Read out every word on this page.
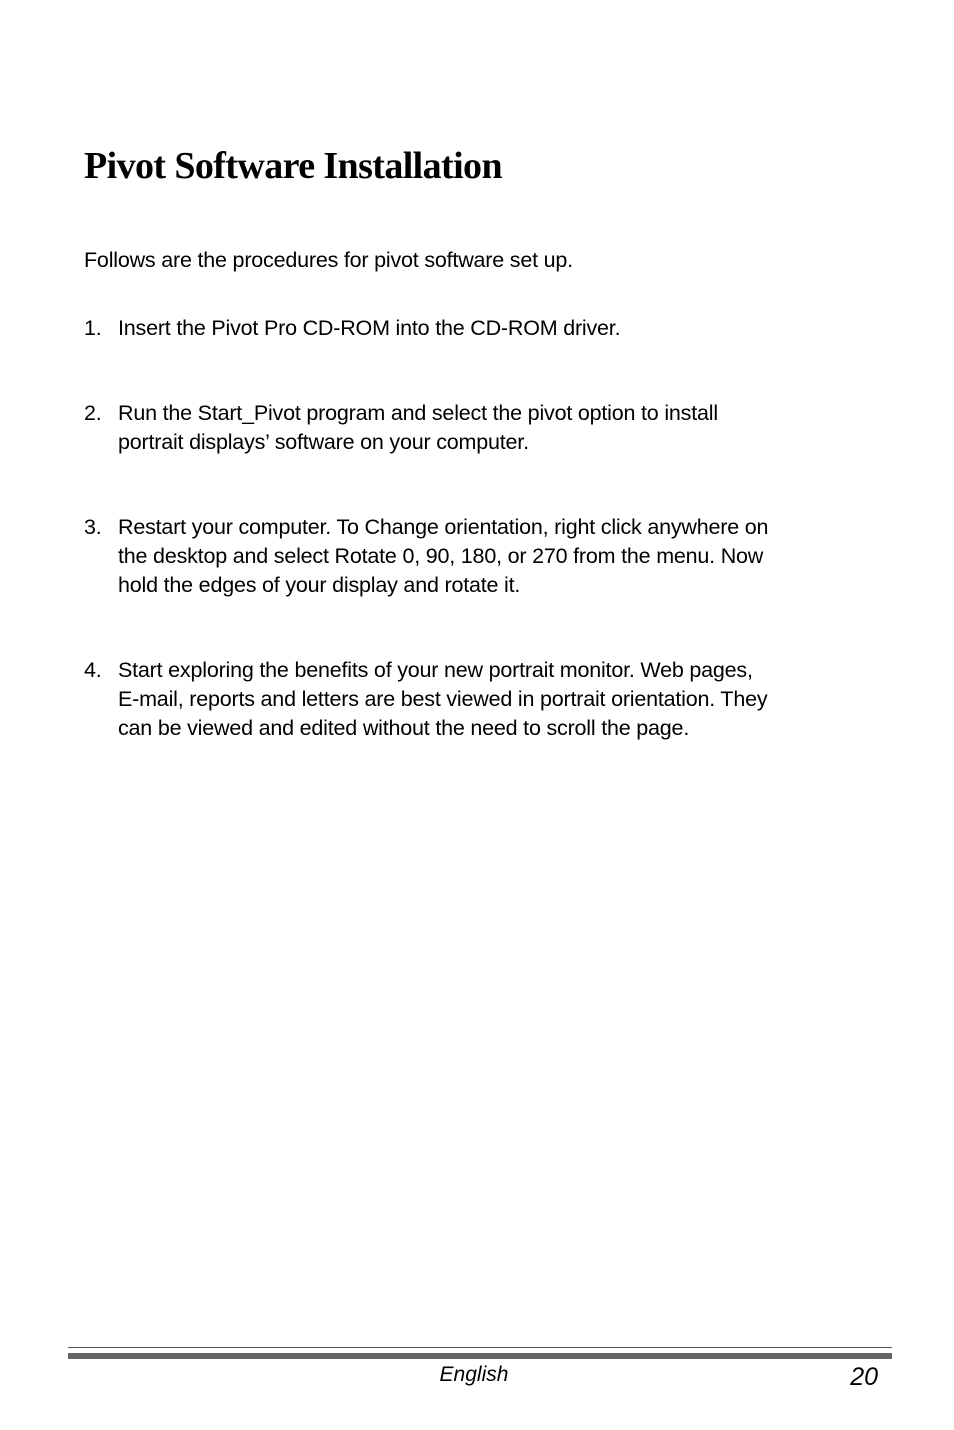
Pivot Software Installation

Follows are the procedures for pivot software set up.

1. Insert the Pivot Pro CD-ROM into the CD-ROM driver.
2. Run the Start_Pivot program and select the pivot option to install
portrait displays’ software on your computer.
3. Restart your computer. To Change orientation, right click anywhere on
the desktop and select Rotate 0, 90, 180, or 270 from the menu. Now
hold the edges of your display and rotate it.
4. Start exploring the benefits of your new portrait monitor. Web pages,
E-mail, reports and letters are best viewed in portrait orientation. They
can be viewed and edited without the need to scroll the page.
English	20
